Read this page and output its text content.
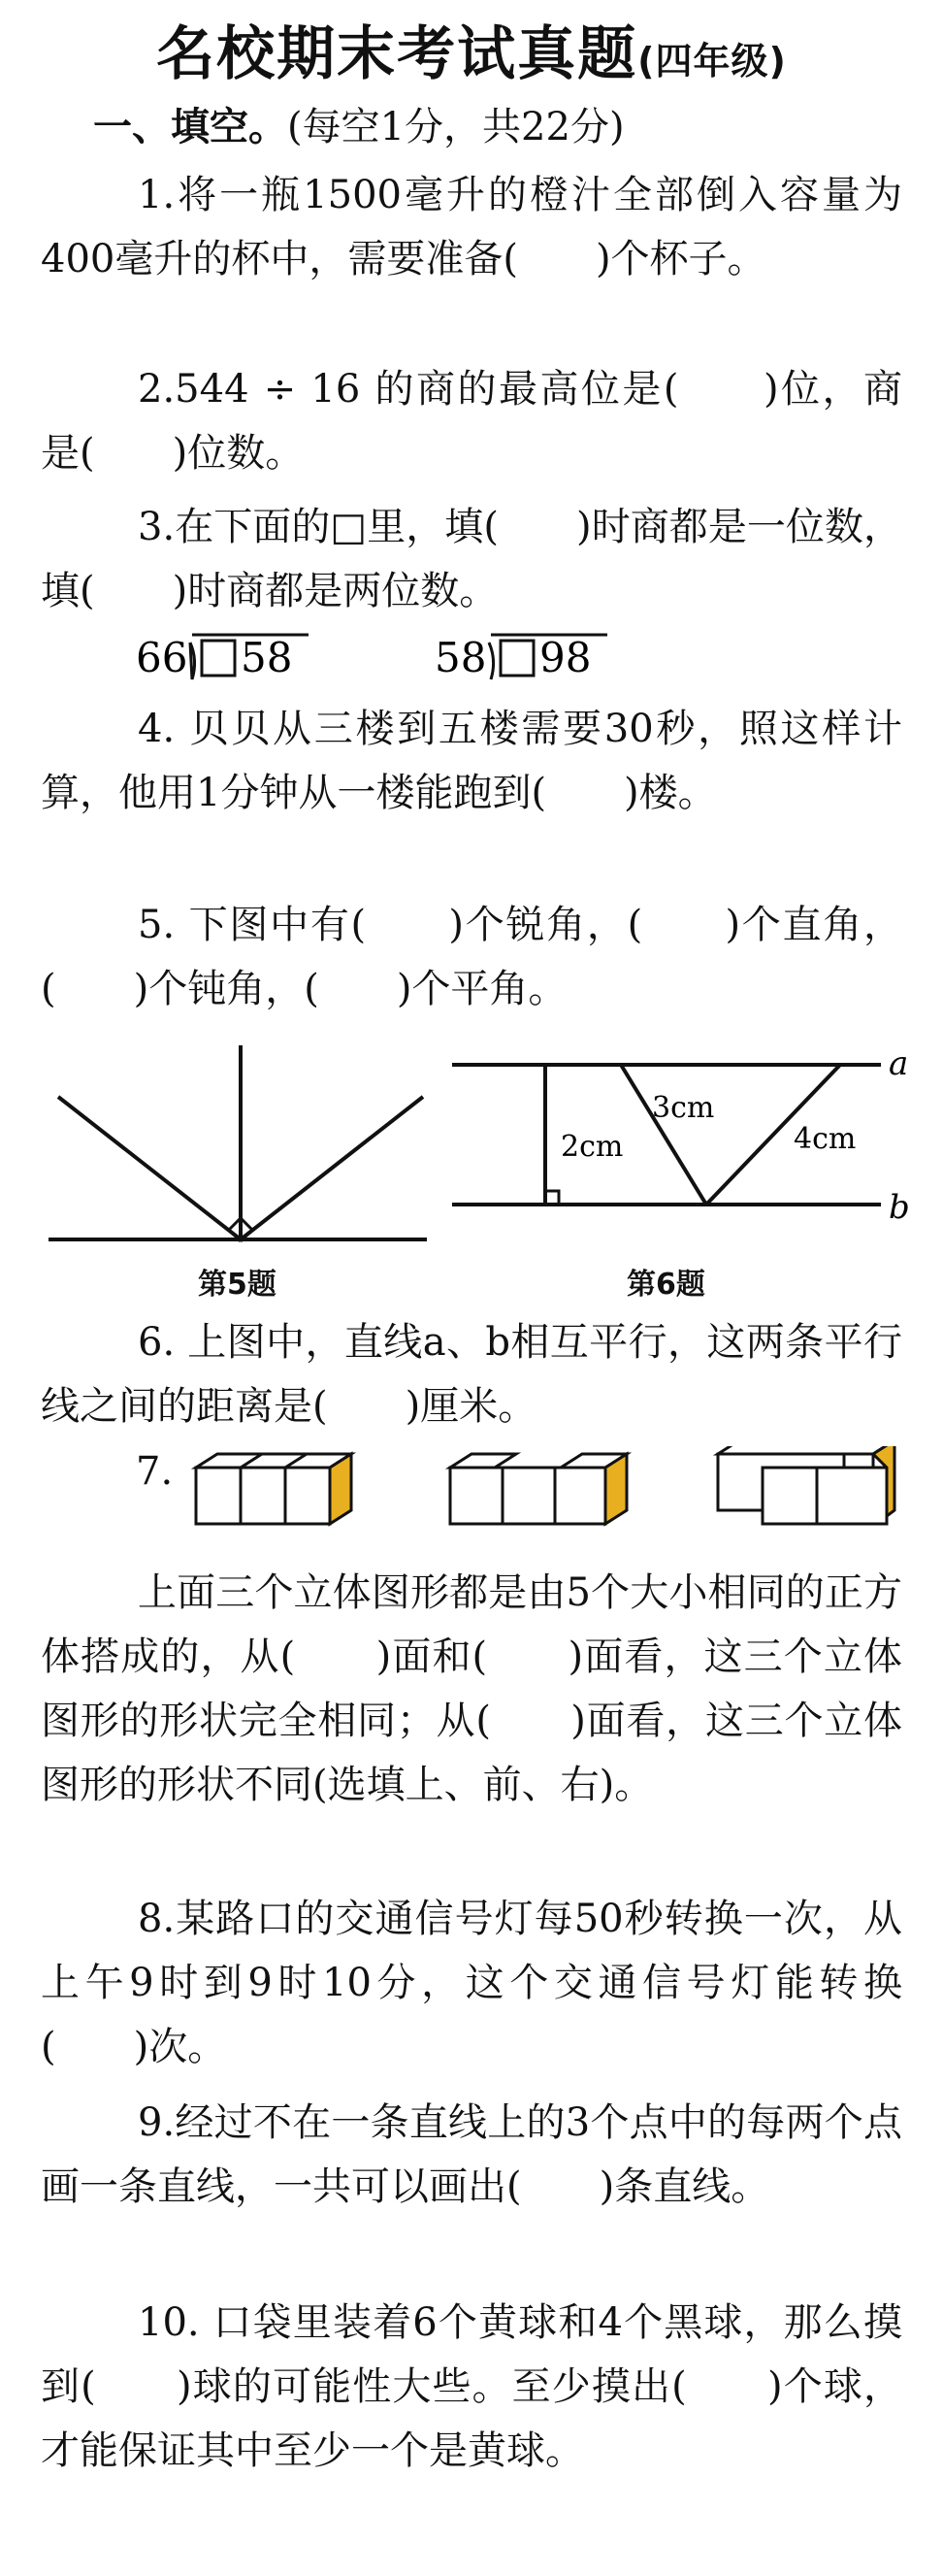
名校期末考试真题(四年级)
一、填空。(每空1分，共22分)
1.将一瓶1500毫升的橙汁全部倒入容量为400毫升的杯中，需要准备(　　)个杯子。
2.544 ÷ 16 的商的最高位是(　　)位，商是(　　)位数。
3.在下面的□里，填(　　)时商都是一位数，填(　　)时商都是两位数。
66 58	58 98
4. 贝贝从三楼到五楼需要30秒，照这样计算，他用1分钟从一楼能跑到(　　)楼。
5. 下图中有(　　)个锐角，(　　)个直角，(　　)个钝角，(　　)个平角。
a
b
2cm
3cm
4cm
第5题	第6题
6. 上图中，直线a、b相互平行，这两条平行线之间的距离是(　　)厘米。
7.
上面三个立体图形都是由5个大小相同的正方体搭成的，从(　　)面和(　　)面看，这三个立体图形的形状完全相同；从(　　)面看，这三个立体图形的形状不同(选填上、前、右)。
8.某路口的交通信号灯每50秒转换一次，从上午9时到9时10分，这个交通信号灯能转换(　　)次。
9.经过不在一条直线上的3个点中的每两个点画一条直线，一共可以画出(　　)条直线。
10. 口袋里装着6个黄球和4个黑球，那么摸到(　　)球的可能性大些。至少摸出(　　)个球，才能保证其中至少一个是黄球。
